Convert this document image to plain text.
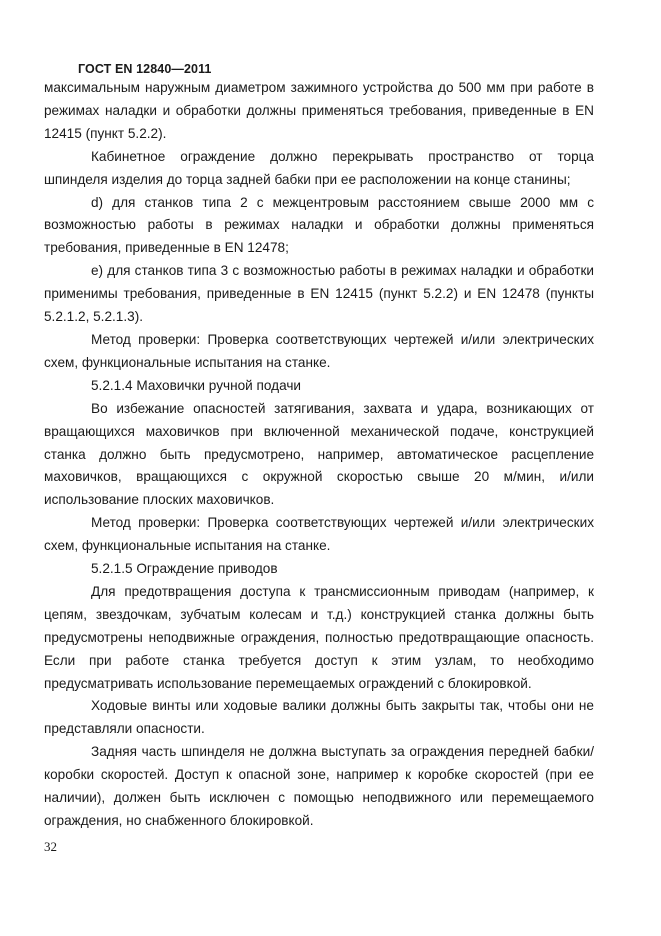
ГОСТ EN 12840—2011

максимальным наружным диаметром зажимного устройства до 500 мм при работе в режимах наладки и обработки должны применяться требования, приведенные в EN 12415 (пункт 5.2.2).

Кабинетное ограждение должно перекрывать пространство от торца шпинделя изделия до торца задней бабки при ее расположении на конце станины;

d) для станков типа 2 с межцентровым расстоянием свыше 2000 мм с возможностью работы в режимах наладки и обработки должны применяться требования, приведенные в EN 12478;

е) для станков типа 3 с возможностью работы в режимах наладки и обработки применимы требования, приведенные в EN 12415 (пункт 5.2.2) и EN 12478 (пункты 5.2.1.2, 5.2.1.3).

Метод проверки: Проверка соответствующих чертежей и/или электрических схем, функциональные испытания на станке.

5.2.1.4 Маховички ручной подачи

Во избежание опасностей затягивания, захвата и удара, возникающих от вращающихся маховичков при включенной механической подаче, конструкцией станка должно быть предусмотрено, например, автоматическое расцепление маховичков, вращающихся с окружной скоростью свыше 20 м/мин, и/или использование плоских маховичков.

Метод проверки: Проверка соответствующих чертежей и/или электрических схем, функциональные испытания на станке.

5.2.1.5 Ограждение приводов

Для предотвращения доступа к трансмиссионным приводам (например, к цепям, звездочкам, зубчатым колесам и т.д.) конструкцией станка должны быть предусмотрены неподвижные ограждения, полностью предотвращающие опасность. Если при работе станка требуется доступ к этим узлам, то необходимо предусматривать использование перемещаемых ограждений с блокировкой.

Ходовые винты или ходовые валики должны быть закрыты так, чтобы они не представляли опасности.

Задняя часть шпинделя не должна выступать за ограждения передней бабки/коробки скоростей. Доступ к опасной зоне, например к коробке скоростей (при ее наличии), должен быть исключен с помощью неподвижного или перемещаемого ограждения, но снабженного блокировкой.

32
